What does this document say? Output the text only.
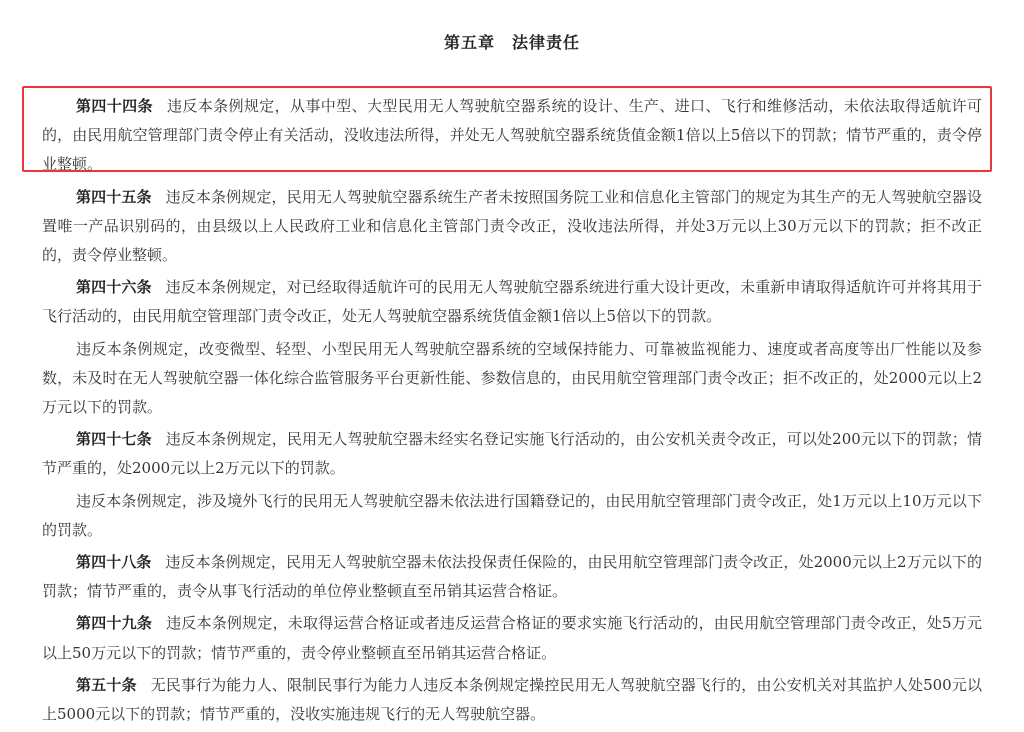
第五章　法律责任

第四十四条 违反本条例规定，从事中型、大型民用无人驾驶航空器系统的设计、生产、进口、飞行和维修活动，未依法取得适航许可的，由民用航空管理部门责令停止有关活动，没收违法所得，并处无人驾驶航空器系统货值金额1倍以上5倍以下的罚款；情节严重的，责令停业整顿。

第四十五条 违反本条例规定，民用无人驾驶航空器系统生产者未按照国务院工业和信息化主管部门的规定为其生产的无人驾驶航空器设置唯一产品识别码的，由县级以上人民政府工业和信息化主管部门责令改正，没收违法所得，并处3万元以上30万元以下的罚款；拒不改正的，责令停业整顿。

第四十六条 违反本条例规定，对已经取得适航许可的民用无人驾驶航空器系统进行重大设计更改，未重新申请取得适航许可并将其用于飞行活动的，由民用航空管理部门责令改正，处无人驾驶航空器系统货值金额1倍以上5倍以下的罚款。

违反本条例规定，改变微型、轻型、小型民用无人驾驶航空器系统的空域保持能力、可靠被监视能力、速度或者高度等出厂性能以及参数，未及时在无人驾驶航空器一体化综合监管服务平台更新性能、参数信息的，由民用航空管理部门责令改正；拒不改正的，处2000元以上2万元以下的罚款。

第四十七条 违反本条例规定，民用无人驾驶航空器未经实名登记实施飞行活动的，由公安机关责令改正，可以处200元以下的罚款；情节严重的，处2000元以上2万元以下的罚款。

违反本条例规定，涉及境外飞行的民用无人驾驶航空器未依法进行国籍登记的，由民用航空管理部门责令改正，处1万元以上10万元以下的罚款。

第四十八条 违反本条例规定，民用无人驾驶航空器未依法投保责任保险的，由民用航空管理部门责令改正，处2000元以上2万元以下的罚款；情节严重的，责令从事飞行活动的单位停业整顿直至吊销其运营合格证。

第四十九条 违反本条例规定，未取得运营合格证或者违反运营合格证的要求实施飞行活动的，由民用航空管理部门责令改正，处5万元以上50万元以下的罚款；情节严重的，责令停业整顿直至吊销其运营合格证。

第五十条 无民事行为能力人、限制民事行为能力人违反本条例规定操控民用无人驾驶航空器飞行的，由公安机关对其监护人处500元以上5000元以下的罚款；情节严重的，没收实施违规飞行的无人驾驶航空器。
